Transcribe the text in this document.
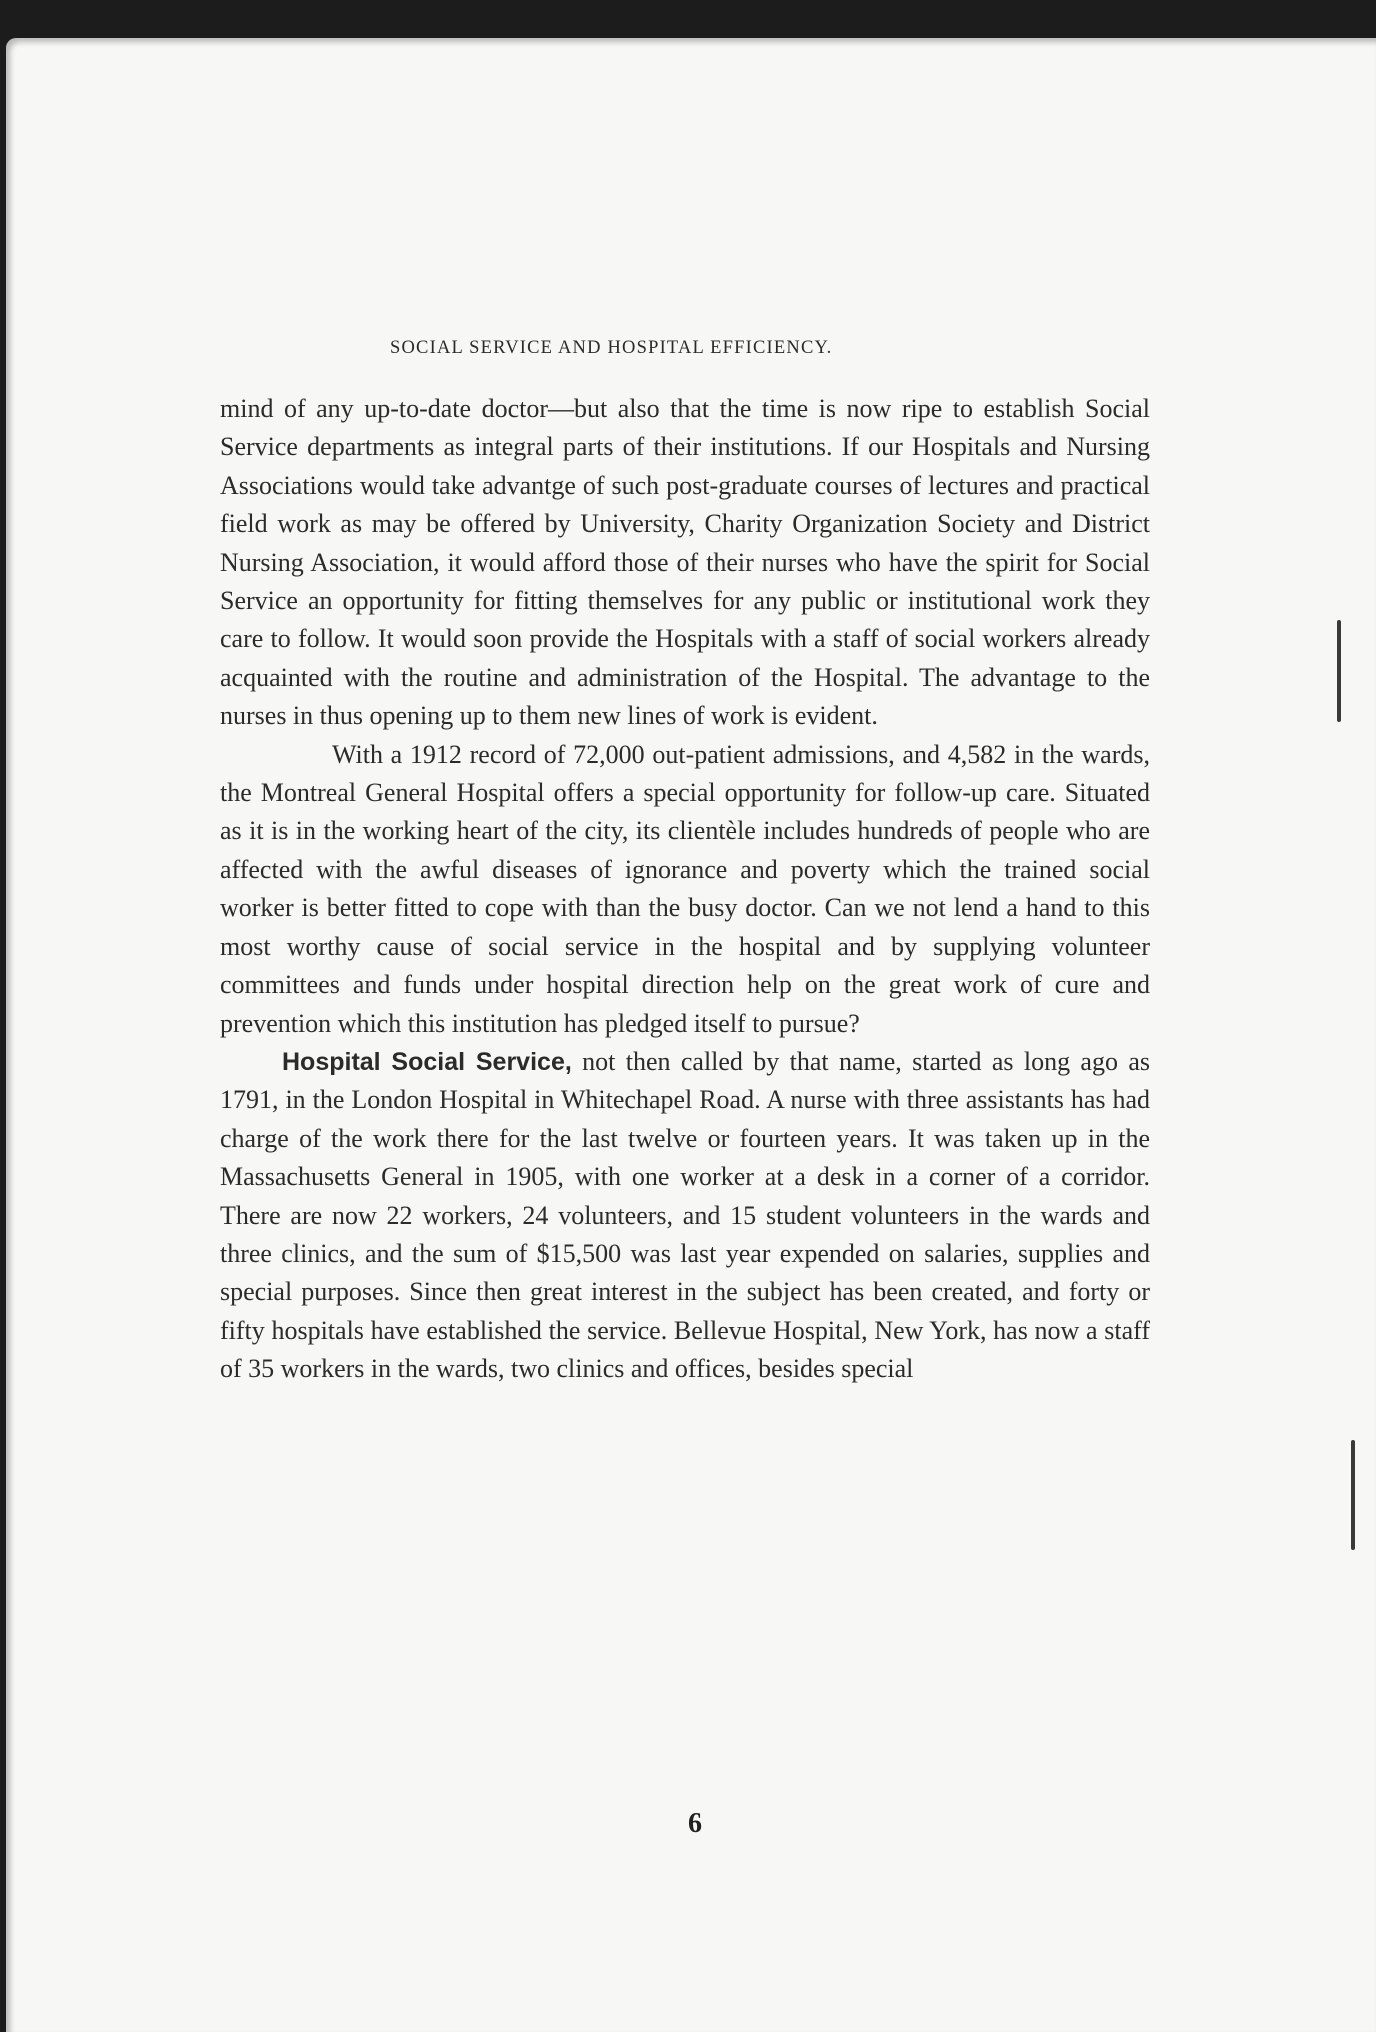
SOCIAL SERVICE AND HOSPITAL EFFICIENCY.

mind of any up-to-date doctor—but also that the time is now ripe to establish Social Service departments as integral parts of their institutions. If our Hospitals and Nursing Associations would take advantge of such post-graduate courses of lectures and practical field work as may be offered by University, Charity Organization Society and District Nursing Association, it would afford those of their nurses who have the spirit for Social Service an opportunity for fitting themselves for any public or institutional work they care to follow. It would soon provide the Hospitals with a staff of social workers already acquainted with the routine and administration of the Hospital. The advantage to the nurses in thus opening up to them new lines of work is evident.

With a 1912 record of 72,000 out-patient admissions, and 4,582 in the wards, the Montreal General Hospital offers a special opportunity for follow-up care. Situated as it is in the working heart of the city, its clientèle includes hundreds of people who are affected with the awful diseases of ignorance and poverty which the trained social worker is better fitted to cope with than the busy doctor. Can we not lend a hand to this most worthy cause of social service in the hospital and by supplying volunteer committees and funds under hospital direction help on the great work of cure and prevention which this institution has pledged itself to pursue?

Hospital Social Service, not then called by that name, started as long ago as 1791, in the London Hospital in Whitechapel Road. A nurse with three assistants has had charge of the work there for the last twelve or fourteen years. It was taken up in the Massachusetts General in 1905, with one worker at a desk in a corner of a corridor. There are now 22 workers, 24 volunteers, and 15 student volunteers in the wards and three clinics, and the sum of $15,500 was last year expended on salaries, supplies and special purposes. Since then great interest in the subject has been created, and forty or fifty hospitals have established the service. Bellevue Hospital, New York, has now a staff of 35 workers in the wards, two clinics and offices, besides special

6
